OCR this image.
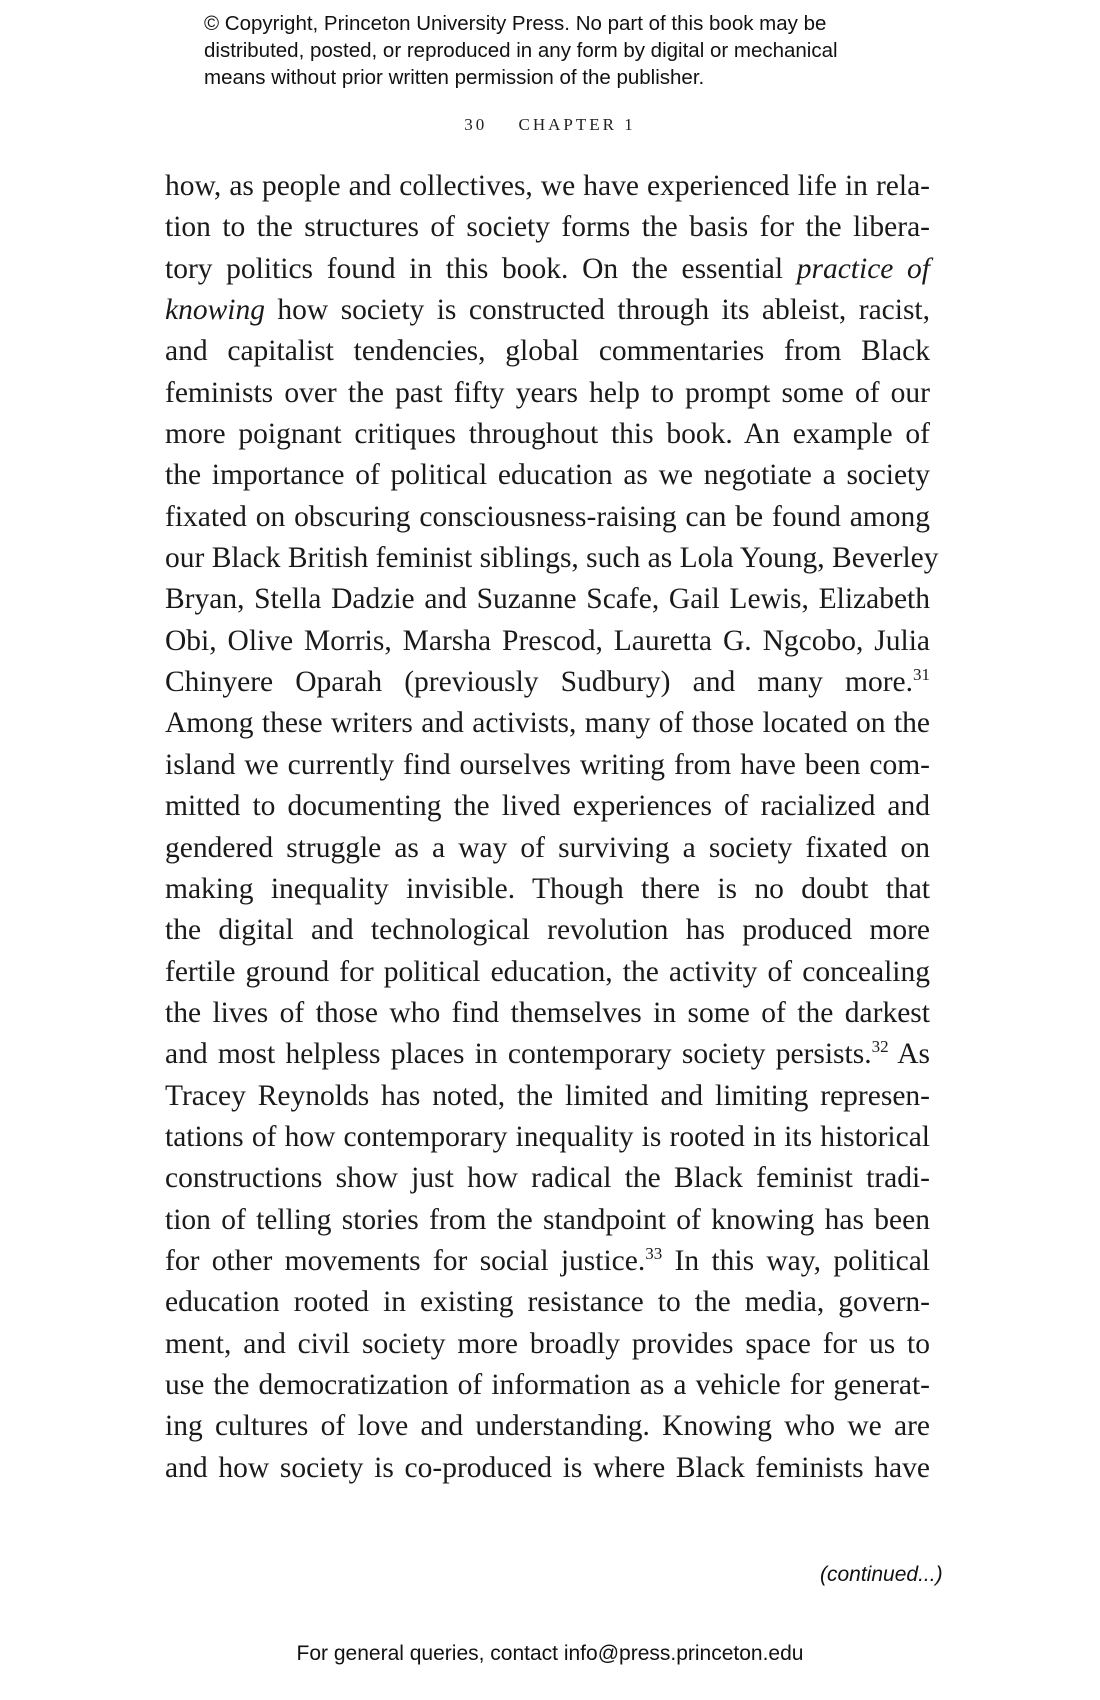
© Copyright, Princeton University Press. No part of this book may be
distributed, posted, or reproduced in any form by digital or mechanical
means without prior written permission of the publisher.
30 CHAPTER 1
how, as people and collectives, we have experienced life in rela-
tion to the structures of society forms the basis for the libera-
tory politics found in this book. On the essential practice of
knowing how society is constructed through its ableist, racist,
and capitalist tendencies, global commentaries from Black
feminists over the past fifty years help to prompt some of our
more poignant critiques throughout this book. An example of
the importance of political education as we negotiate a society
fixated on obscuring consciousness-raising can be found among
our Black British feminist siblings, such as Lola Young, Beverley
Bryan, Stella Dadzie and Suzanne Scafe, Gail Lewis, Elizabeth
Obi, Olive Morris, Marsha Prescod, Lauretta G. Ngcobo, Julia
Chinyere Oparah (previously Sudbury) and many more.$^{31}$
Among these writers and activists, many of those located on the
island we currently find ourselves writing from have been com-
mitted to documenting the lived experiences of racialized and
gendered struggle as a way of surviving a society fixated on
making inequality invisible. Though there is no doubt that
the digital and technological revolution has produced more
fertile ground for political education, the activity of concealing
the lives of those who find themselves in some of the darkest
and most helpless places in contemporary society persists.$^{32}$ As
Tracey Reynolds has noted, the limited and limiting represen-
tations of how contemporary inequality is rooted in its historical
constructions show just how radical the Black feminist tradi-
tion of telling stories from the standpoint of knowing has been
for other movements for social justice.$^{33}$ In this way, political
education rooted in existing resistance to the media, govern-
ment, and civil society more broadly provides space for us to
use the democratization of information as a vehicle for generat-
ing cultures of love and understanding. Knowing who we are
and how society is co-produced is where Black feminists have
(continued...)
For general queries, contact info@press.princeton.edu
